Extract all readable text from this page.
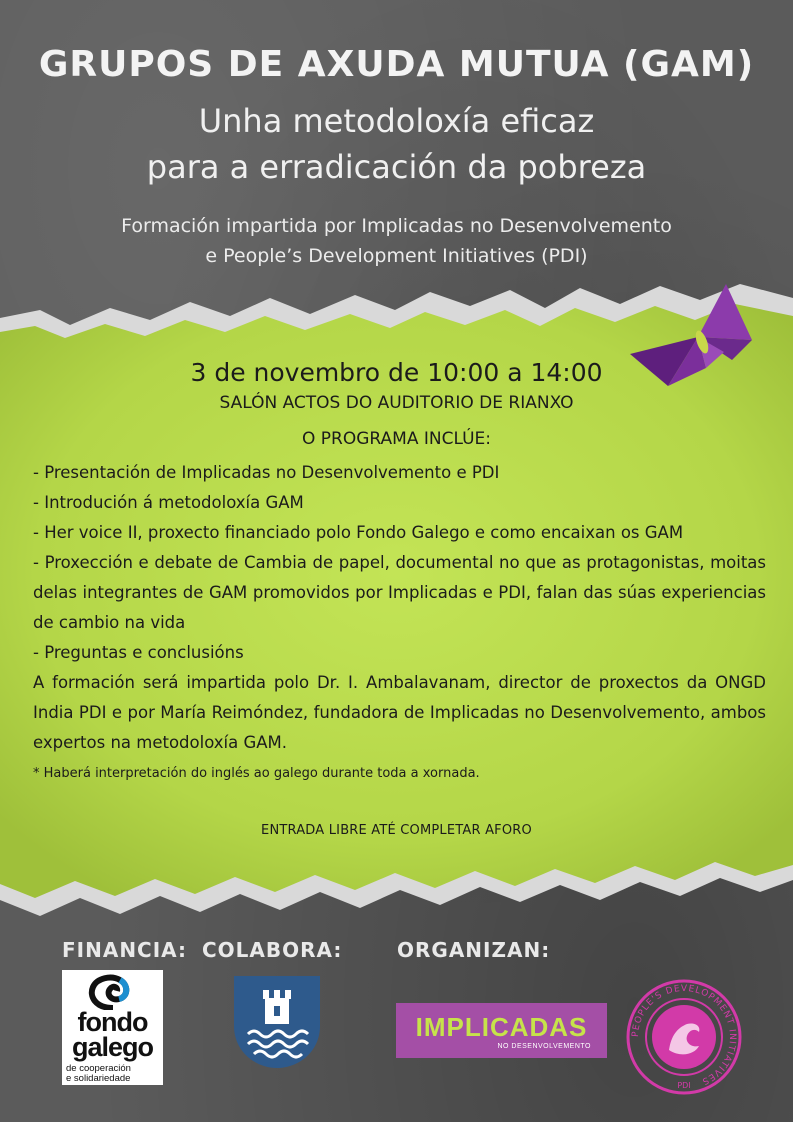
GRUPOS DE AXUDA MUTUA (GAM)
Unha metodoloxía eficaz
para a erradicación da pobreza
Formación impartida por Implicadas no Desenvolvemento
e People’s Development Initiatives (PDI)
3 de novembro de 10:00 a 14:00
SALÓN ACTOS DO AUDITORIO DE RIANXO
O PROGRAMA INCLÚE:
- Presentación de Implicadas no Desenvolvemento e PDI
- Introdución á metodoloxía GAM
- Her voice II, proxecto financiado polo Fondo Galego e como encaixan os GAM
- Proxección e debate de Cambia de papel, documental no que as protagonistas, moitas delas integrantes de GAM promovidos por Implicadas e PDI, falan das súas experiencias de cambio na vida
- Preguntas e conclusións
A formación será impartida polo Dr. I. Ambalavanam, director de proxectos da ONGD India PDI e por María Reimóndez, fundadora de Implicadas no Desenvolvemento, ambos expertos na metodoloxía GAM.
* Haberá interpretación do inglés ao galego durante toda a xornada.
ENTRADA LIBRE ATÉ COMPLETAR AFORO
FINANCIA: COLABORA:	ORGANIZAN:
fondo
galego
de cooperación
e solidariedade
IMPLICADAS
NO DESENVOLVEMENTO
PEOPLE'S DEVELOPMENT INITIATIVES
PDI
